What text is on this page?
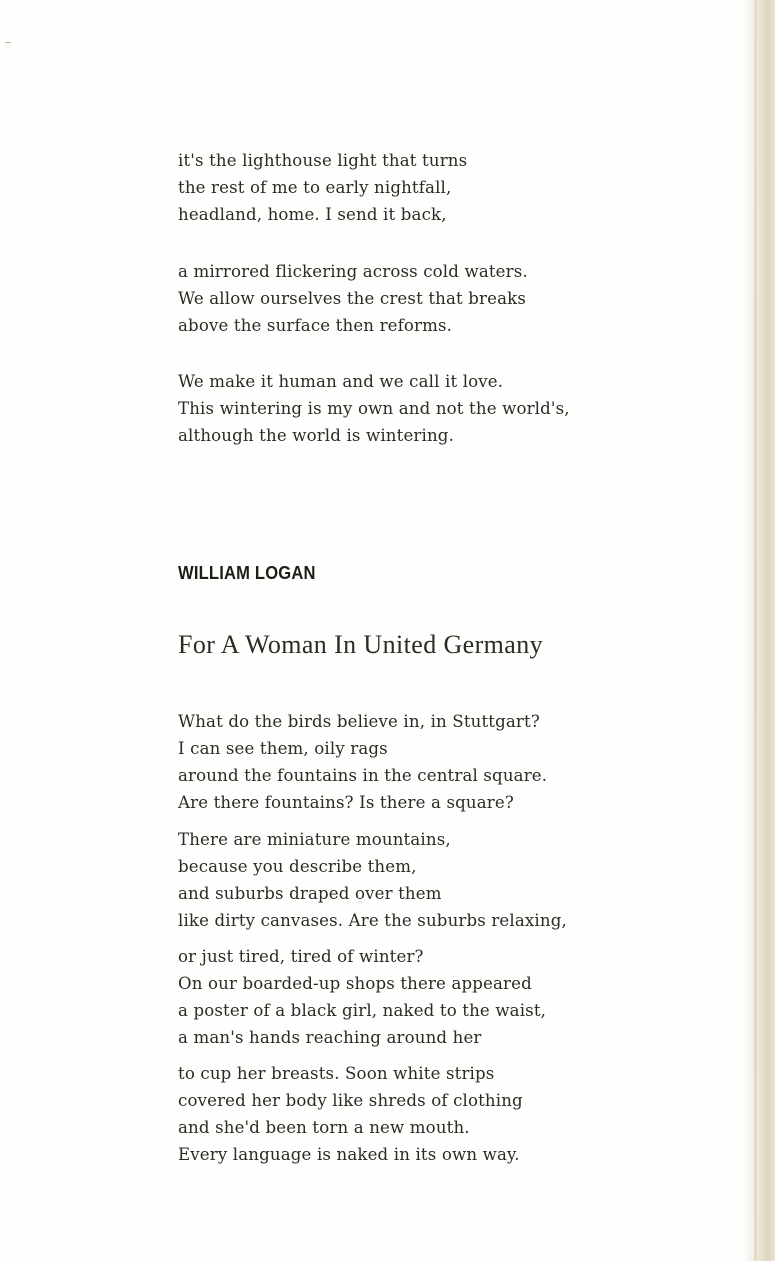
it's the lighthouse light that turns
the rest of me to early nightfall,
headland, home. I send it back,

a mirrored flickering across cold waters.
We allow ourselves the crest that breaks
above the surface then reforms.

We make it human and we call it love.
This wintering is my own and not the world's,
although the world is wintering.

WILLIAM LOGAN
For A Woman In United Germany

What do the birds believe in, in Stuttgart?
I can see them, oily rags
around the fountains in the central square.
Are there fountains? Is there a square?

There are miniature mountains,
because you describe them,
and suburbs draped over them
like dirty canvases. Are the suburbs relaxing,

or just tired, tired of winter?
On our boarded-up shops there appeared
a poster of a black girl, naked to the waist,
a man's hands reaching around her

to cup her breasts. Soon white strips
covered her body like shreds of clothing
and she'd been torn a new mouth.
Every language is naked in its own way.
